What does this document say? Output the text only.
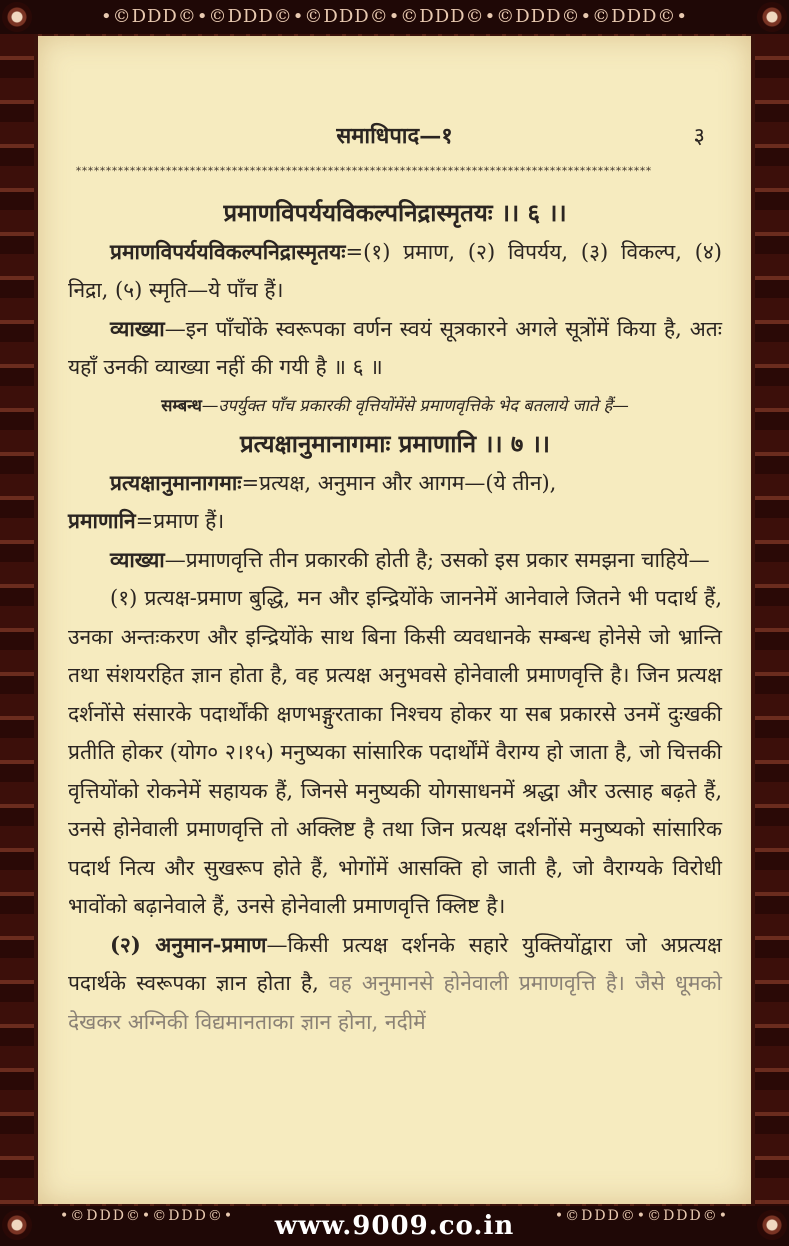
•©DDD©•©DDD©•©DDD©•©DDD©•©DDD©•©DDD©•
•©DDD©•©DDD©•	•©DDD©•©DDD©•
समाधिपाद—१	३
************************************************************************************************
प्रमाणविपर्ययविकल्पनिद्रास्मृतयः ।। ६ ।।

प्रमाणविपर्ययविकल्पनिद्रास्मृतयः=(१) प्रमाण, (२) विपर्यय, (३) विकल्प, (४) निद्रा, (५) स्मृति—ये पाँच हैं।

व्याख्या—इन पाँचोंके स्वरूपका वर्णन स्वयं सूत्रकारने अगले सूत्रोंमें किया है, अतः यहाँ उनकी व्याख्या नहीं की गयी है ॥ ६ ॥

सम्बन्ध—उपर्युक्त पाँच प्रकारकी वृत्तियोंमेंसे प्रमाणवृत्तिके भेद बतलाये जाते हैं—

प्रत्यक्षानुमानागमाः प्रमाणानि ।। ७ ।।

प्रत्यक्षानुमानागमाः=प्रत्यक्ष, अनुमान और आगम—(ये तीन),

प्रमाणानि=प्रमाण हैं।

व्याख्या—प्रमाणवृत्ति तीन प्रकारकी होती है; उसको इस प्रकार समझना चाहिये—

(१) प्रत्यक्ष-प्रमाण बुद्धि, मन और इन्द्रियोंके जाननेमें आनेवाले जितने भी पदार्थ हैं, उनका अन्तःकरण और इन्द्रियोंके साथ बिना किसी व्यवधानके सम्बन्ध होनेसे जो भ्रान्ति तथा संशयरहित ज्ञान होता है, वह प्रत्यक्ष अनुभवसे होनेवाली प्रमाणवृत्ति है। जिन प्रत्यक्ष दर्शनोंसे संसारके पदार्थोंकी क्षणभङ्गुरताका निश्चय होकर या सब प्रकारसे उनमें दुःखकी प्रतीति होकर (योग० २।१५) मनुष्यका सांसारिक पदार्थोंमें वैराग्य हो जाता है, जो चित्तकी वृत्तियोंको रोकनेमें सहायक हैं, जिनसे मनुष्यकी योगसाधनमें श्रद्धा और उत्साह बढ़ते हैं, उनसे होनेवाली प्रमाणवृत्ति तो अक्लिष्ट है तथा जिन प्रत्यक्ष दर्शनोंसे मनुष्यको सांसारिक पदार्थ नित्य और सुखरूप होते हैं, भोगोंमें आसक्ति हो जाती है, जो वैराग्यके विरोधी भावोंको बढ़ानेवाले हैं, उनसे होनेवाली प्रमाणवृत्ति क्लिष्ट है।

(२) अनुमान-प्रमाण—किसी प्रत्यक्ष दर्शनके सहारे युक्तियोंद्वारा जो अप्रत्यक्ष पदार्थके स्वरूपका ज्ञान होता है, वह अनुमानसे होनेवाली प्रमाणवृत्ति है। जैसे धूमको देखकर अग्निकी विद्यमानताका ज्ञान होना, नदीमें

www.9009.co.in
